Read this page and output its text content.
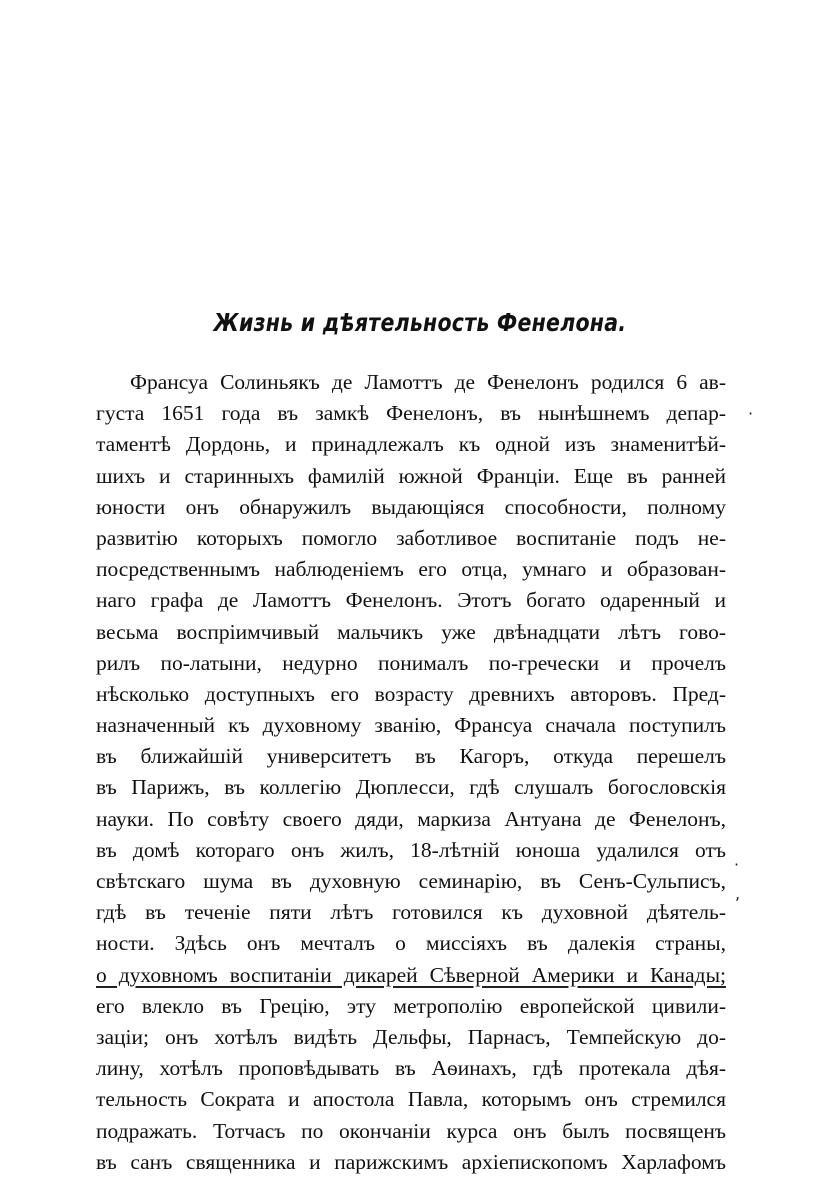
Жизнь и дѣятельность Фенелона.
Франсуа Солиньякъ де Ламоттъ де Фенелонъ родился 6 ав-
густа 1651 года въ замкѣ Фенелонъ, въ нынѣшнемъ депар-
таментѣ Дордонь, и принадлежалъ къ одной изъ знаменитѣй-
шихъ и старинныхъ фамилій южной Франціи. Еще въ ранней
юности онъ обнаружилъ выдающіяся способности, полному
развитію которыхъ помогло заботливое воспитаніе подъ не-
посредственнымъ наблюденіемъ его отца, умнаго и образован-
наго графа де Ламоттъ Фенелонъ. Этотъ богато одаренный и
весьма воспріимчивый мальчикъ уже двѣнадцати лѣтъ гово-
рилъ по-латыни, недурно понималъ по-гречески и прочелъ
нѣсколько доступныхъ его возрасту древнихъ авторовъ. Пред-
назначенный къ духовному званію, Франсуа сначала поступилъ
въ ближайшій университетъ въ Кагоръ, откуда перешелъ
въ Парижъ, въ коллегію Дюплесси, гдѣ слушалъ богословскія
науки. По совѣту своего дяди, маркиза Антуана де Фенелонъ,
въ домѣ котораго онъ жилъ, 18-лѣтній юноша удалился отъ
свѣтскаго шума въ духовную семинарію, въ Сенъ-Сульписъ,
гдѣ въ теченіе пяти лѣтъ готовился къ духовной дѣятель-
ности. Здѣсь онъ мечталъ о миссіяхъ въ далекія страны,
о духовномъ воспитаніи дикарей Сѣверной Америки и Канады;
его влекло въ Грецію, эту метрополію европейской цивили-
заціи; онъ хотѣлъ видѣть Дельфы, Парнасъ, Темпейскую до-
лину, хотѣлъ проповѣдывать въ Аѳинахъ, гдѣ протекала дѣя-
тельность Сократа и апостола Павла, которымъ онъ стремился
подражать. Тотчасъ по окончаніи курса онъ былъ посвященъ
въ санъ священника и парижскимъ архіепископомъ Харлафомъ
·
·
,
